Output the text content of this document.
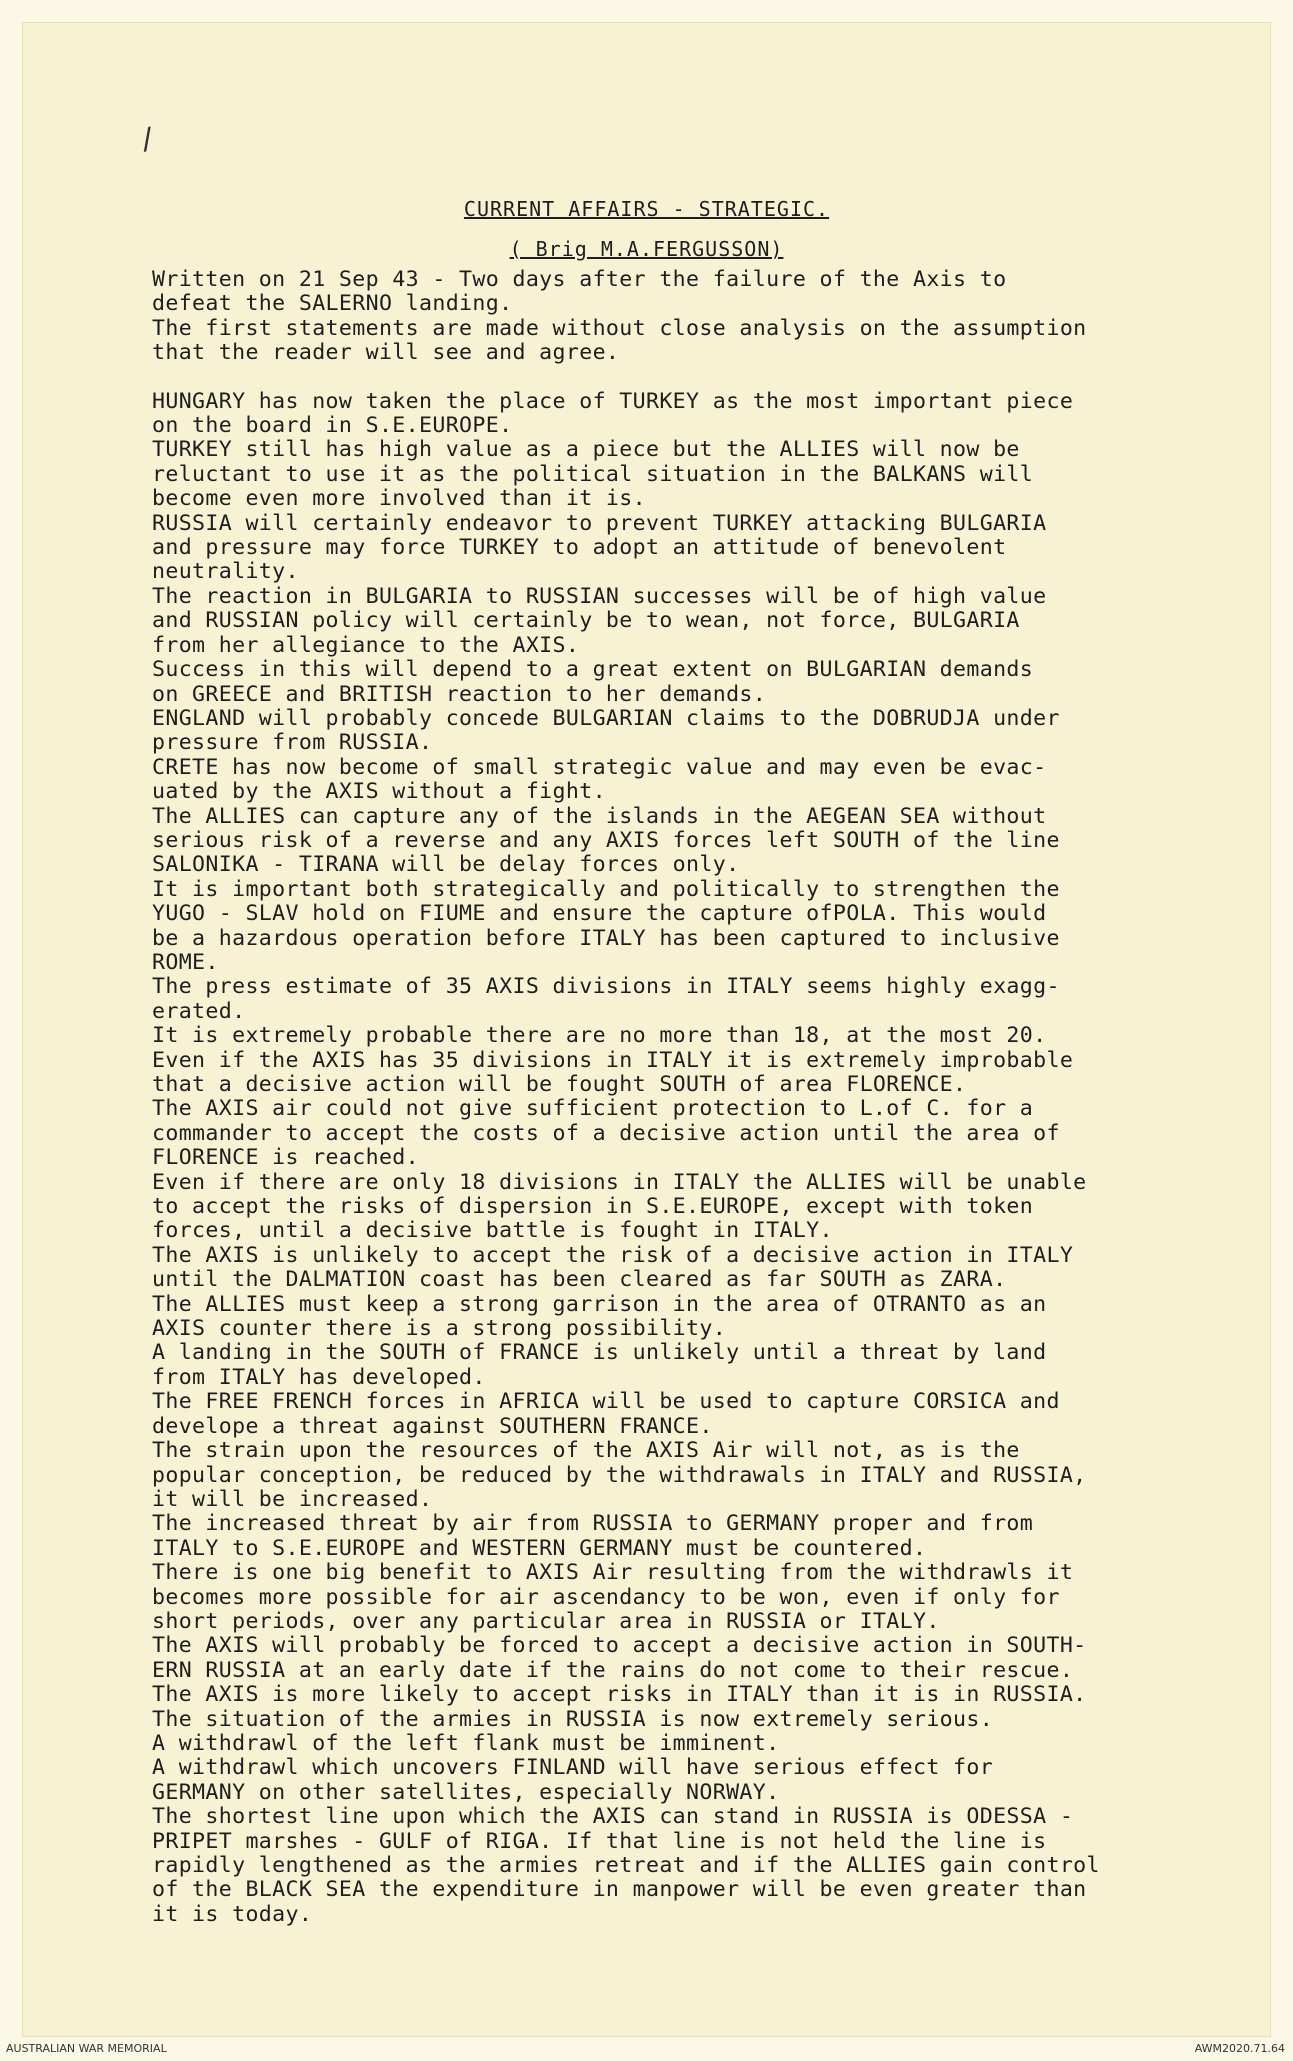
/
CURRENT AFFAIRS - STRATEGIC.
( Brig M.A.FERGUSSON)
Written on 21 Sep 43 - Two days after the failure of the Axis to
defeat the SALERNO landing.
The first statements are made without close analysis on the assumption
that the reader will see and agree.
HUNGARY has now taken the place of TURKEY as the most important piece
on the board in S.E.EUROPE.
TURKEY still has high value as a piece but the ALLIES will now be
reluctant to use it as the political situation in the BALKANS will
become even more involved than it is.
RUSSIA will certainly endeavor to prevent TURKEY attacking BULGARIA
and pressure may force TURKEY to adopt an attitude of benevolent
neutrality.
The reaction in BULGARIA to RUSSIAN successes will be of high value
and RUSSIAN policy will certainly be to wean, not force, BULGARIA
from her allegiance to the AXIS.
Success in this will depend to a great extent on BULGARIAN demands
on GREECE and BRITISH reaction to her demands.
ENGLAND will probably concede BULGARIAN claims to the DOBRUDJA under
pressure from RUSSIA.
CRETE has now become of small strategic value and may even be evac-
uated by the AXIS without a fight.
The ALLIES can capture any of the islands in the AEGEAN SEA without
serious risk of a reverse and any AXIS forces left SOUTH of the line
SALONIKA - TIRANA will be delay forces only.
It is important both strategically and politically to strengthen the
YUGO - SLAV hold on FIUME and ensure the capture ofPOLA. This would
be a hazardous operation before ITALY has been captured to inclusive
ROME.
The press estimate of 35 AXIS divisions in ITALY seems highly exagg-
erated.
It is extremely probable there are no more than 18, at the most 20.
Even if the AXIS has 35 divisions in ITALY it is extremely improbable
that a decisive action will be fought SOUTH of area FLORENCE.
The AXIS air could not give sufficient protection to L.of C. for a
commander to accept the costs of a decisive action until the area of
FLORENCE is reached.
Even if there are only 18 divisions in ITALY the ALLIES will be unable
to accept the risks of dispersion in S.E.EUROPE, except with token
forces, until a decisive battle is fought in ITALY.
The AXIS is unlikely to accept the risk of a decisive action in ITALY
until the DALMATION coast has been cleared as far SOUTH as ZARA.
The ALLIES must keep a strong garrison in the area of OTRANTO as an
AXIS counter there is a strong possibility.
A landing in the SOUTH of FRANCE is unlikely until a threat by land
from ITALY has developed.
The FREE FRENCH forces in AFRICA will be used to capture CORSICA and
develope a threat against SOUTHERN FRANCE.
The strain upon the resources of the AXIS Air will not, as is the
popular conception, be reduced by the withdrawals in ITALY and RUSSIA,
it will be increased.
The increased threat by air from RUSSIA to GERMANY proper and from
ITALY to S.E.EUROPE and WESTERN GERMANY must be countered.
There is one big benefit to AXIS Air resulting from the withdrawls it
becomes more possible for air ascendancy to be won, even if only for
short periods, over any particular area in RUSSIA or ITALY.
The AXIS will probably be forced to accept a decisive action in SOUTH-
ERN RUSSIA at an early date if the rains do not come to their rescue.
The AXIS is more likely to accept risks in ITALY than it is in RUSSIA.
The situation of the armies in RUSSIA is now extremely serious.
A withdrawl of the left flank must be imminent.
A withdrawl which uncovers FINLAND will have serious effect for
GERMANY on other satellites, especially NORWAY.
The shortest line upon which the AXIS can stand in RUSSIA is ODESSA -
PRIPET marshes - GULF of RIGA. If that line is not held the line is
rapidly lengthened as the armies retreat and if the ALLIES gain control
of the BLACK SEA the expenditure in manpower will be even greater than
it is today.
AUSTRALIAN WAR MEMORIAL	AWM2020.71.64
